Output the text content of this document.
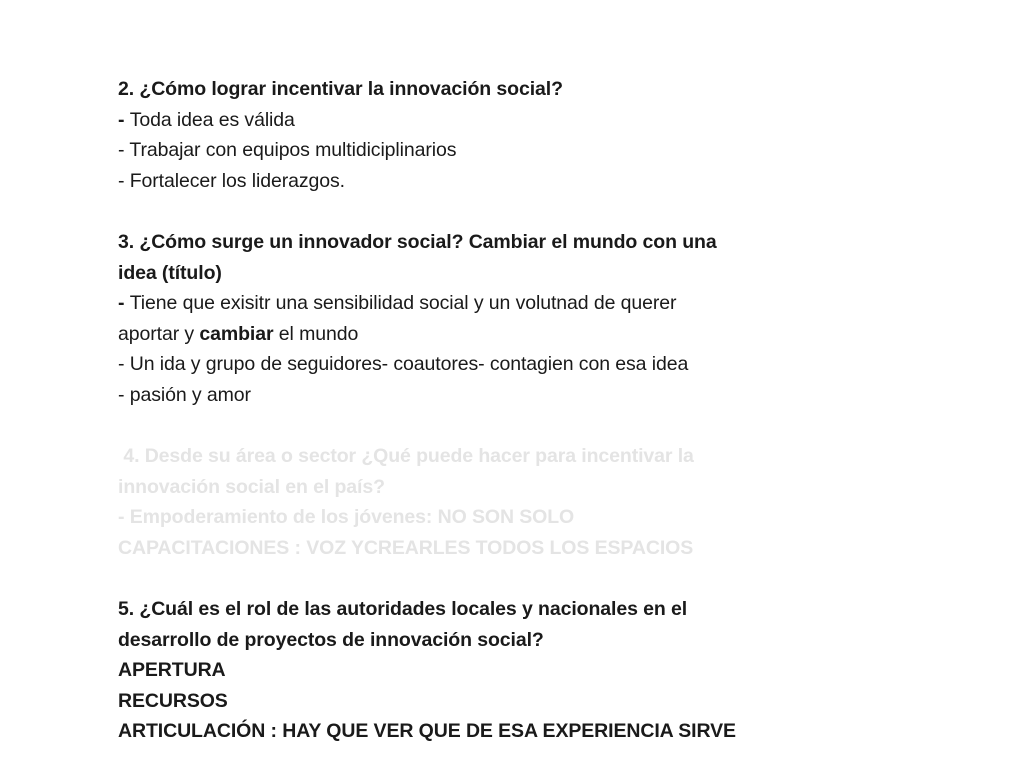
2. ¿Cómo lograr incentivar la innovación social?
- Toda idea es válida
- Trabajar con equipos multidiciplinarios
- Fortalecer los liderazgos.
3. ¿Cómo surge un innovador social? Cambiar el mundo con una
idea (título)
- Tiene que exisitr una sensibilidad social y un volutnad de querer
aportar y cambiar el mundo
- Un ida y grupo de seguidores- coautores- contagien con esa idea
- pasión y amor
4. Desde su área o sector ¿Qué puede hacer para incentivar la
innovación social en el país?
- Empoderamiento de los jóvenes: NO SON SOLO
CAPACITACIONES : VOZ YCREARLES TODOS LOS ESPACIOS
5. ¿Cuál es el rol de las autoridades locales y nacionales en el
desarrollo de proyectos de innovación social?
APERTURA
RECURSOS
ARTICULACIÓN : HAY QUE VER QUE DE ESA EXPERIENCIA SIRVE
